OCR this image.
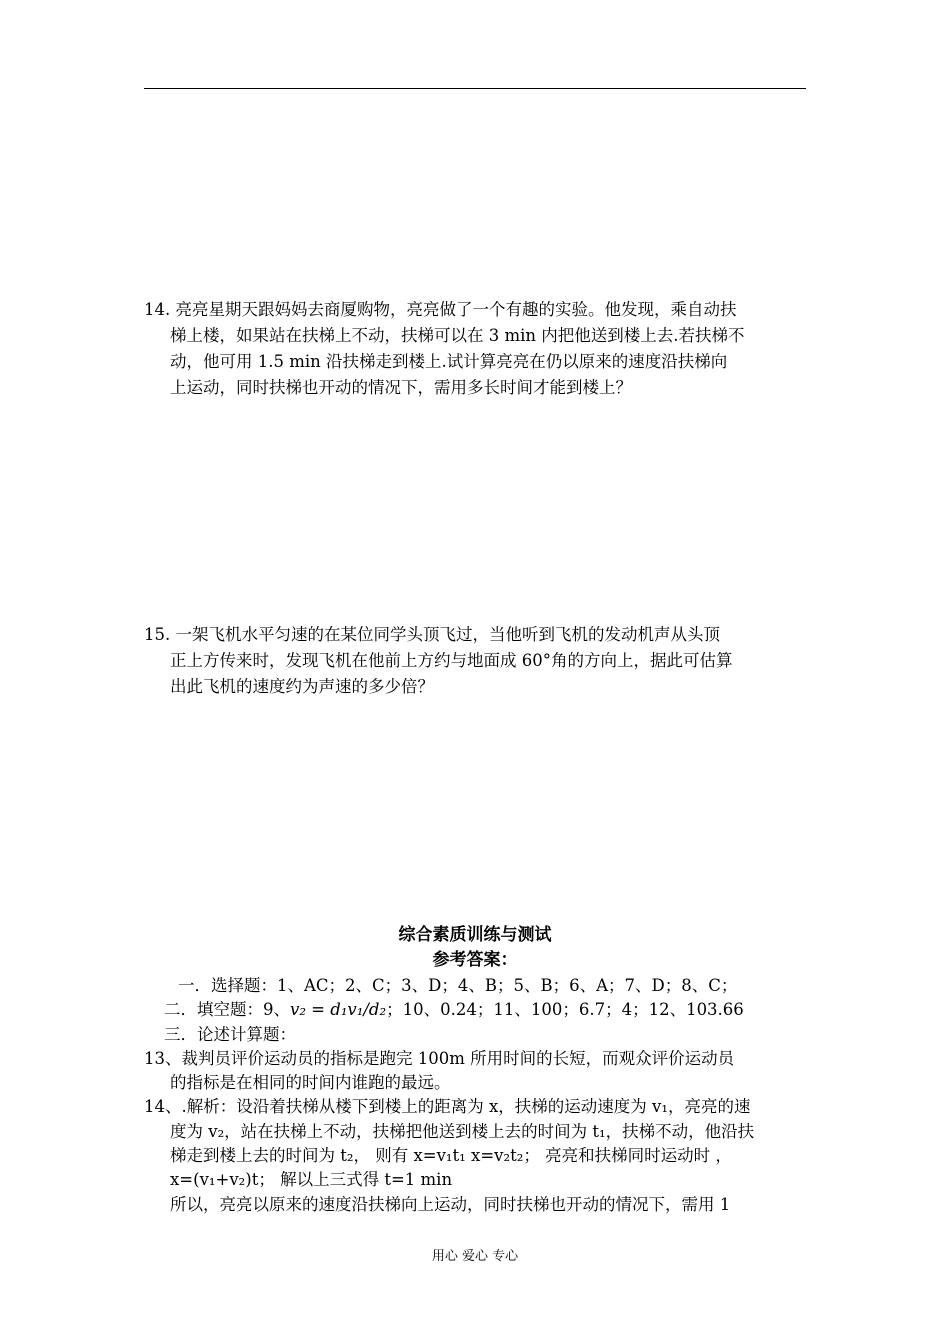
14. 亮亮星期天跟妈妈去商厦购物，亮亮做了一个有趣的实验。他发现，乘自动扶
梯上楼，如果站在扶梯上不动，扶梯可以在 3 min 内把他送到楼上去.若扶梯不
动，他可用 1.5 min 沿扶梯走到楼上.试计算亮亮在仍以原来的速度沿扶梯向
上运动，同时扶梯也开动的情况下，需用多长时间才能到楼上？
15. 一架飞机水平匀速的在某位同学头顶飞过，当他听到飞机的发动机声从头顶
正上方传来时，发现飞机在他前上方约与地面成 60°角的方向上，据此可估算
出此飞机的速度约为声速的多少倍？
综合素质训练与测试
参考答案：
一．选择题：1、AC；2、C；3、D；4、B；5、B；6、A；7、D；8、C；
二．填空题：9、v₂ = d₁v₁/d₂；10、0.24；11、100；6.7；4；12、103.66
三．论述计算题：
13、裁判员评价运动员的指标是跑完 100m 所用时间的长短，而观众评价运动员
的指标是在相同的时间内谁跑的最远。
14、.解析：设沿着扶梯从楼下到楼上的距离为 x，扶梯的运动速度为 v₁，亮亮的速
度为 v₂，站在扶梯上不动，扶梯把他送到楼上去的时间为 t₁，扶梯不动，他沿扶
梯走到楼上去的时间为 t₂， 则有 x=v₁t₁ x=v₂t₂； 亮亮和扶梯同时运动时 ，
x=(v₁+v₂)t； 解以上三式得 t=1 min
所以，亮亮以原来的速度沿扶梯向上运动，同时扶梯也开动的情况下，需用 1
用心 爱心 专心
